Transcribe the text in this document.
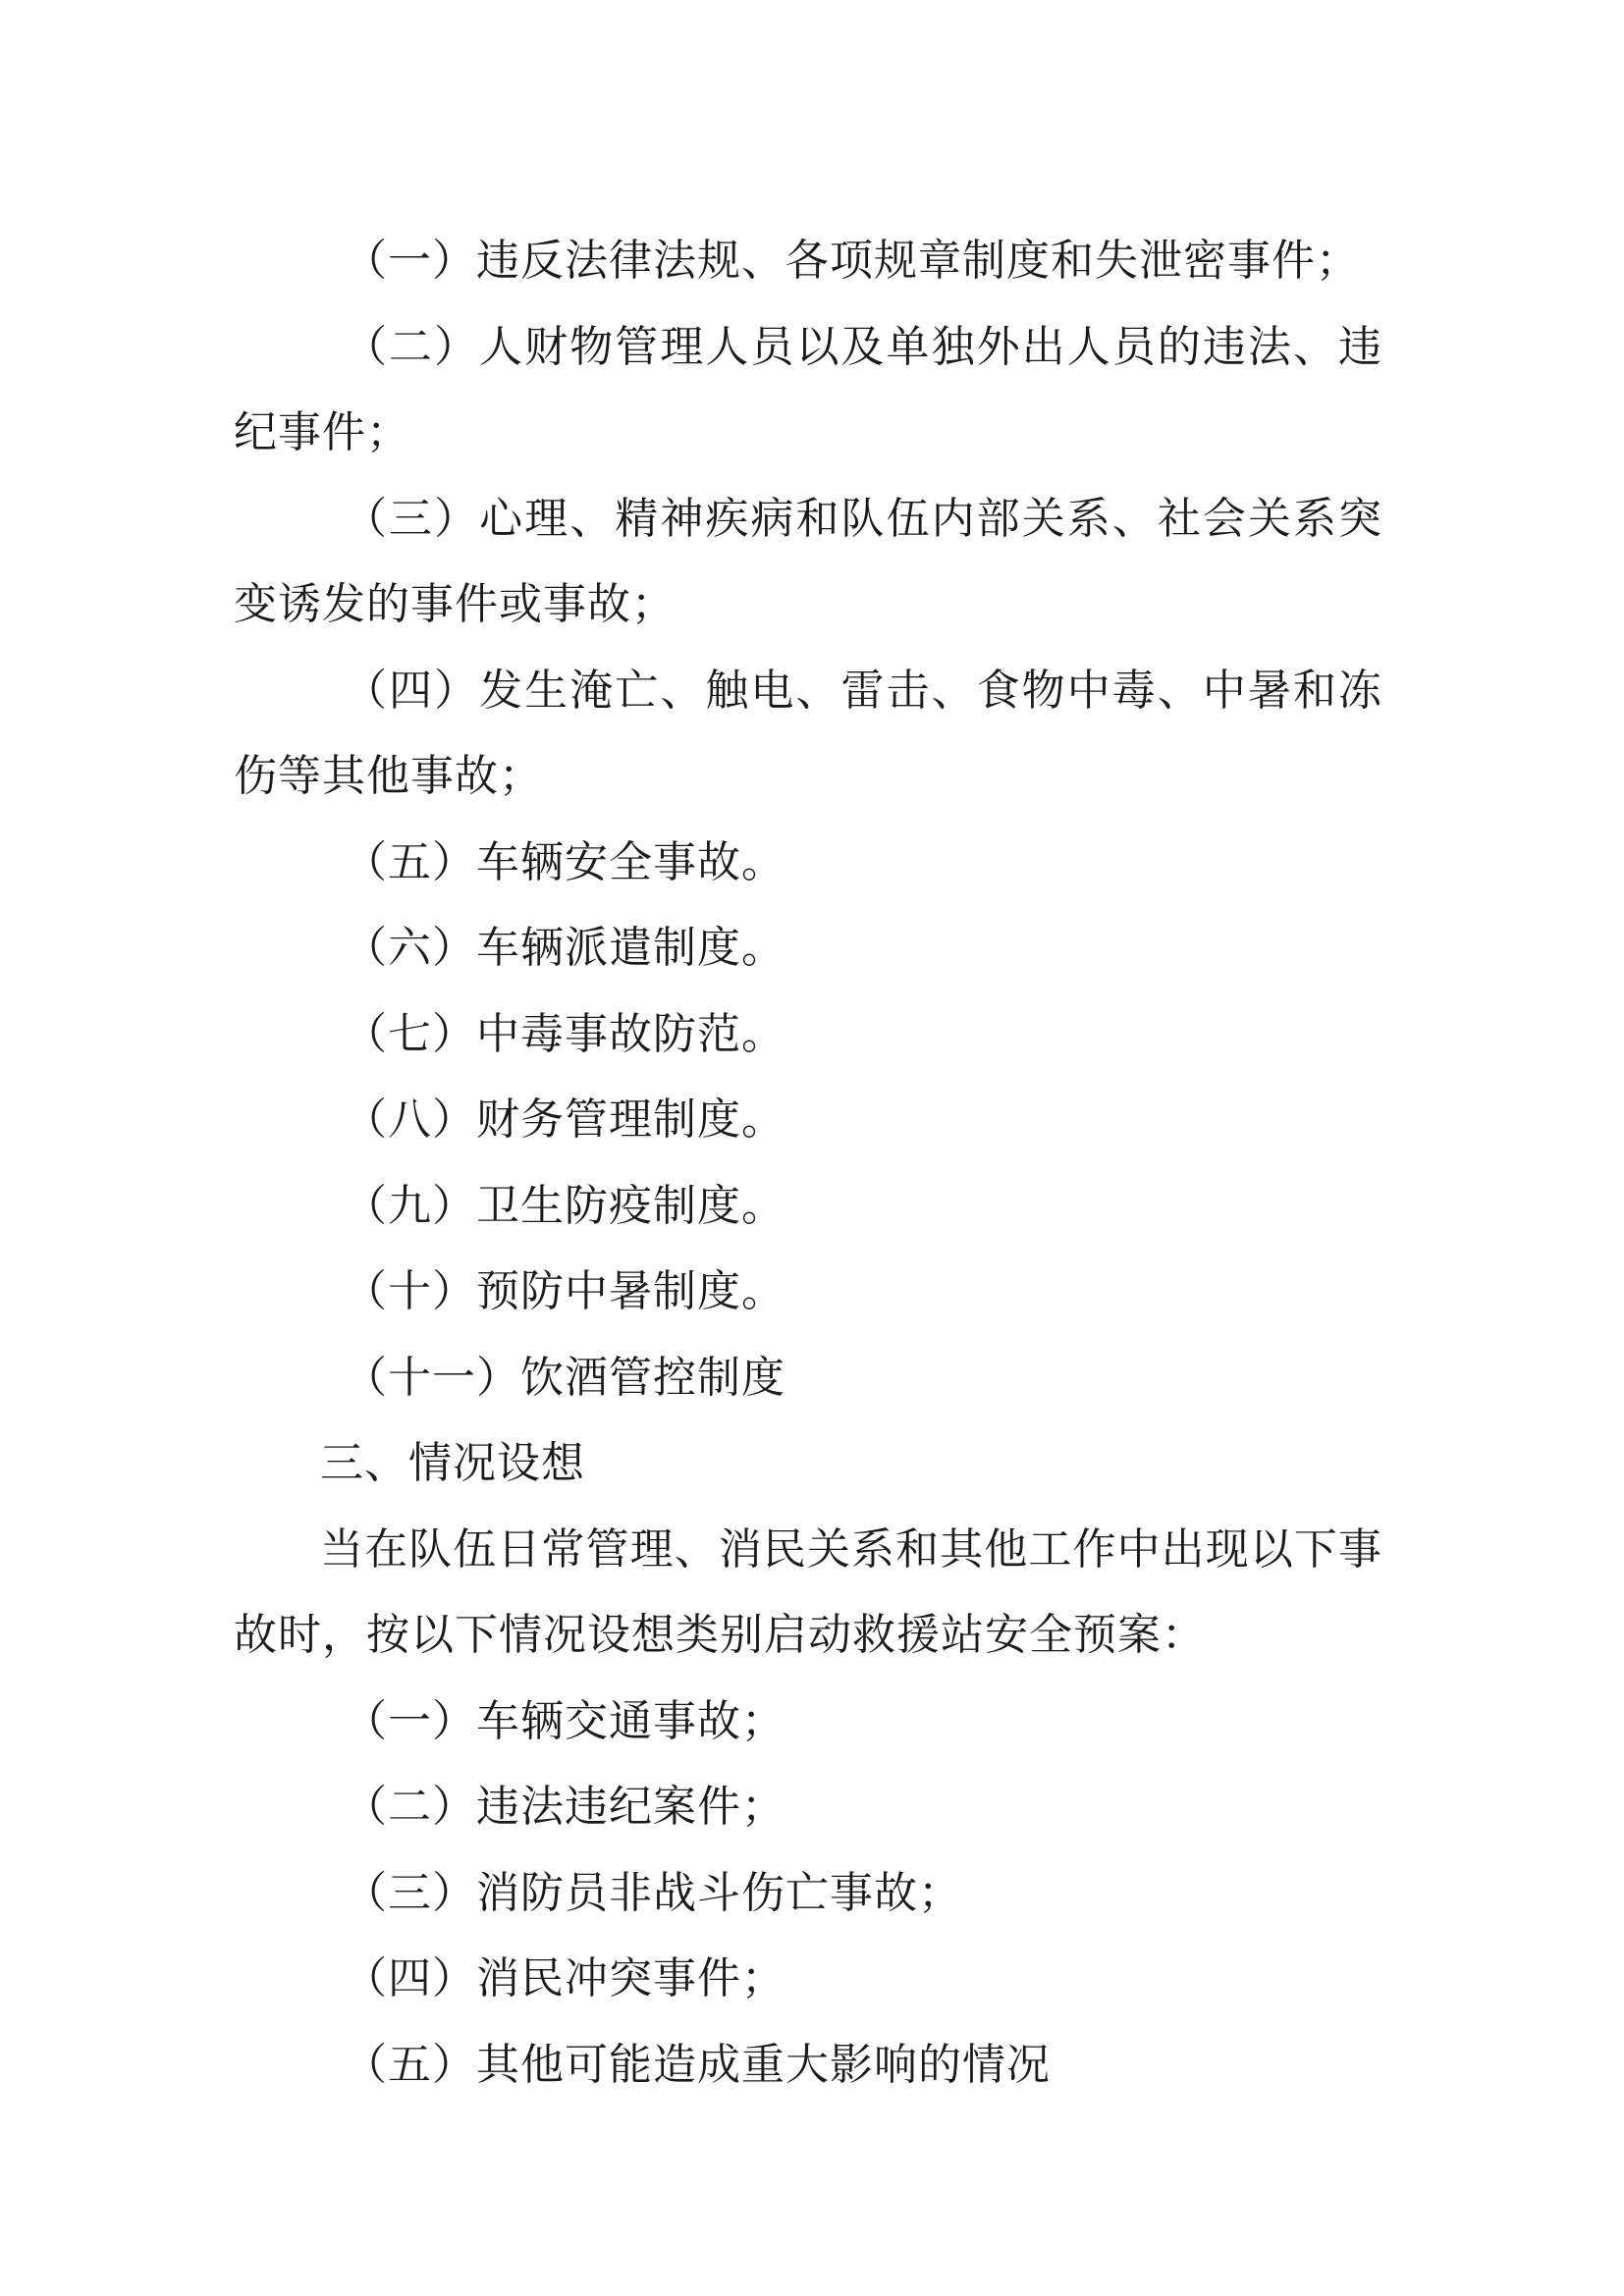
（一）违反法律法规、各项规章制度和失泄密事件；

（二）人财物管理人员以及单独外出人员的违法、违纪事件；

（三）心理、精神疾病和队伍内部关系、社会关系突变诱发的事件或事故；

（四）发生淹亡、触电、雷击、食物中毒、中暑和冻伤等其他事故；

（五）车辆安全事故。

（六）车辆派遣制度。

（七）中毒事故防范。

（八）财务管理制度。

（九）卫生防疫制度。

（十）预防中暑制度。

（十一）饮酒管控制度

三、情况设想

当在队伍日常管理、消民关系和其他工作中出现以下事故时，按以下情况设想类别启动救援站安全预案：

（一）车辆交通事故；

（二）违法违纪案件；

（三）消防员非战斗伤亡事故；

（四）消民冲突事件；

（五）其他可能造成重大影响的情况
